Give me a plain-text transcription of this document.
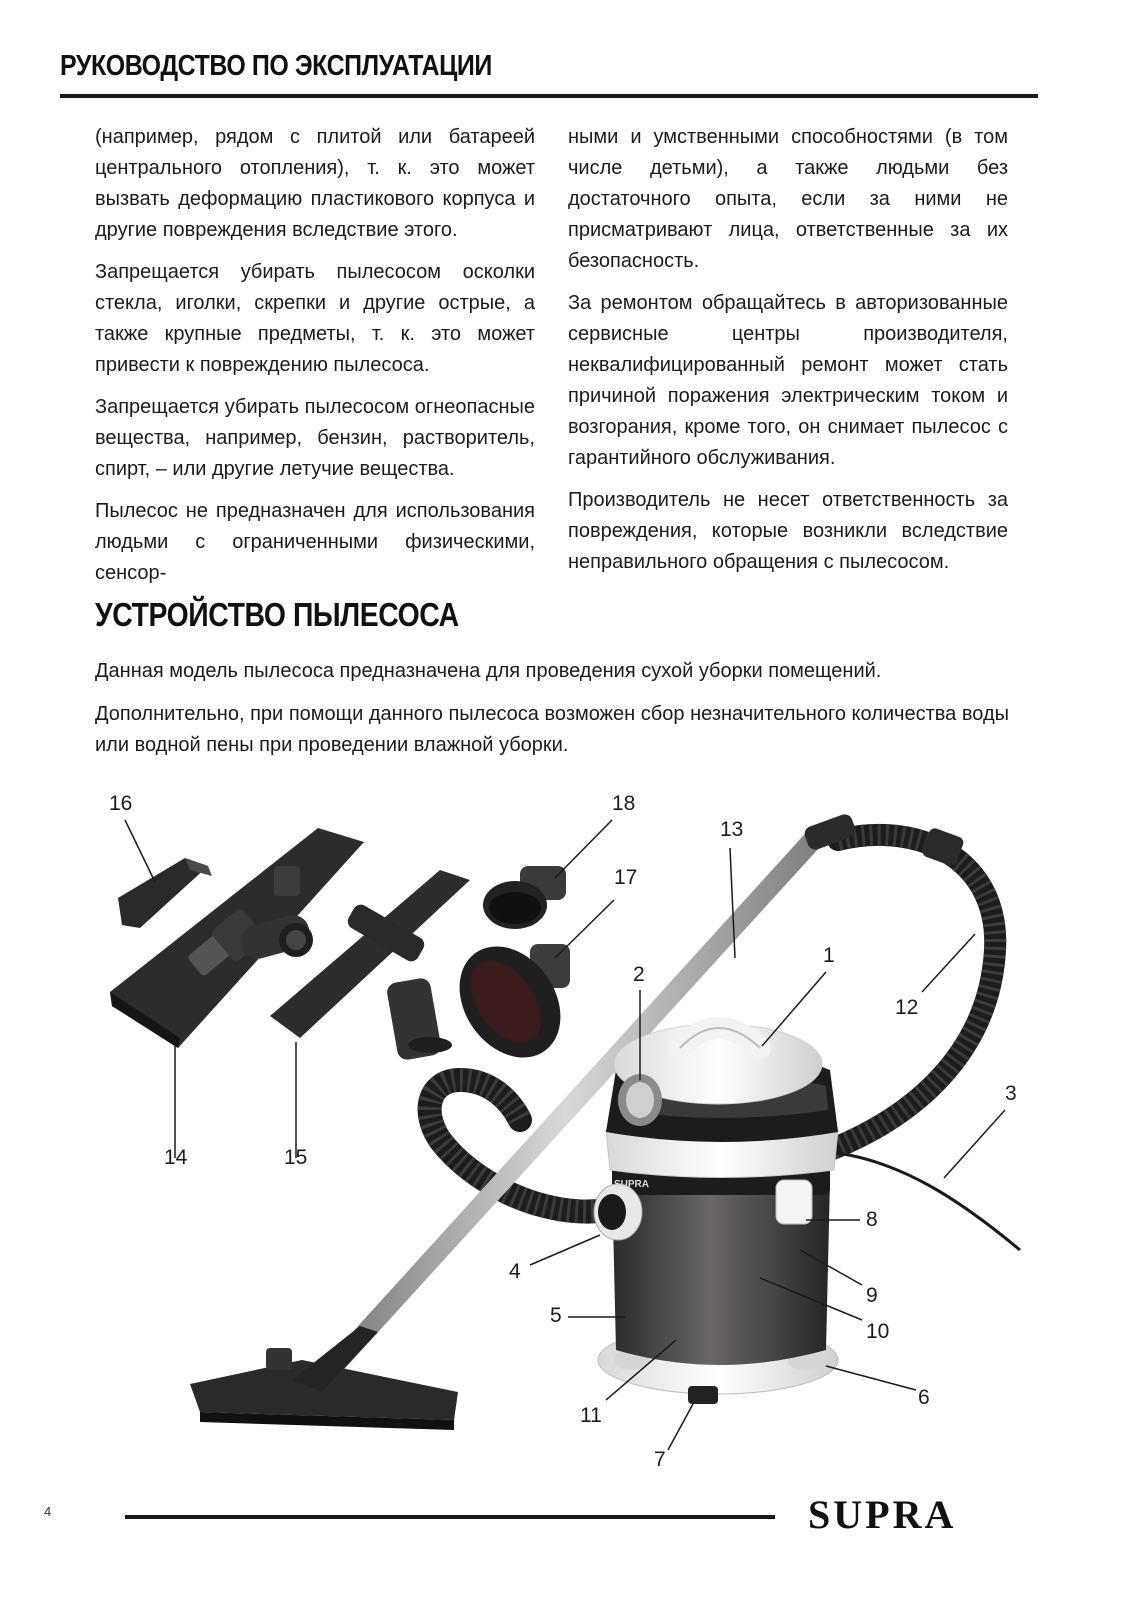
РУКОВОДСТВО ПО ЭКСПЛУАТАЦИИ

(например, рядом с плитой или батареей центрального отопления), т. к. это может вызвать деформацию пластикового корпуса и другие повреждения вследствие этого.

Запрещается убирать пылесосом осколки стекла, иголки, скрепки и другие острые, а также крупные предметы, т. к. это может привести к повреждению пылесоса.

Запрещается убирать пылесосом огнеопасные вещества, например, бензин, растворитель, спирт, – или другие летучие вещества.

Пылесос не предназначен для использования людьми с ограниченными физическими, сенсор-

ными и умственными способностями (в том числе детьми), а также людьми без достаточного опыта, если за ними не присматривают лица, ответственные за их безопасность.

За ремонтом обращайтесь в авторизованные сервисные центры производителя, неквалифицированный ремонт может стать причиной поражения электрическим током и возгорания, кроме того, он снимает пылесос с гарантийного обслуживания.

Производитель не несет ответственность за повреждения, которые возникли вследствие неправильного обращения с пылесосом.

УСТРОЙСТВО ПЫЛЕСОСА

Данная модель пылесоса предназначена для проведения сухой уборки помещений.

Дополнительно, при помощи данного пылесоса возможен сбор незначительного количества воды или водной пены при проведении влажной уборки.

SUPRA
16	18
13
17
1
2
12
3
14	15
8
4
9
5
10
6
11
7
4	SUPRA
